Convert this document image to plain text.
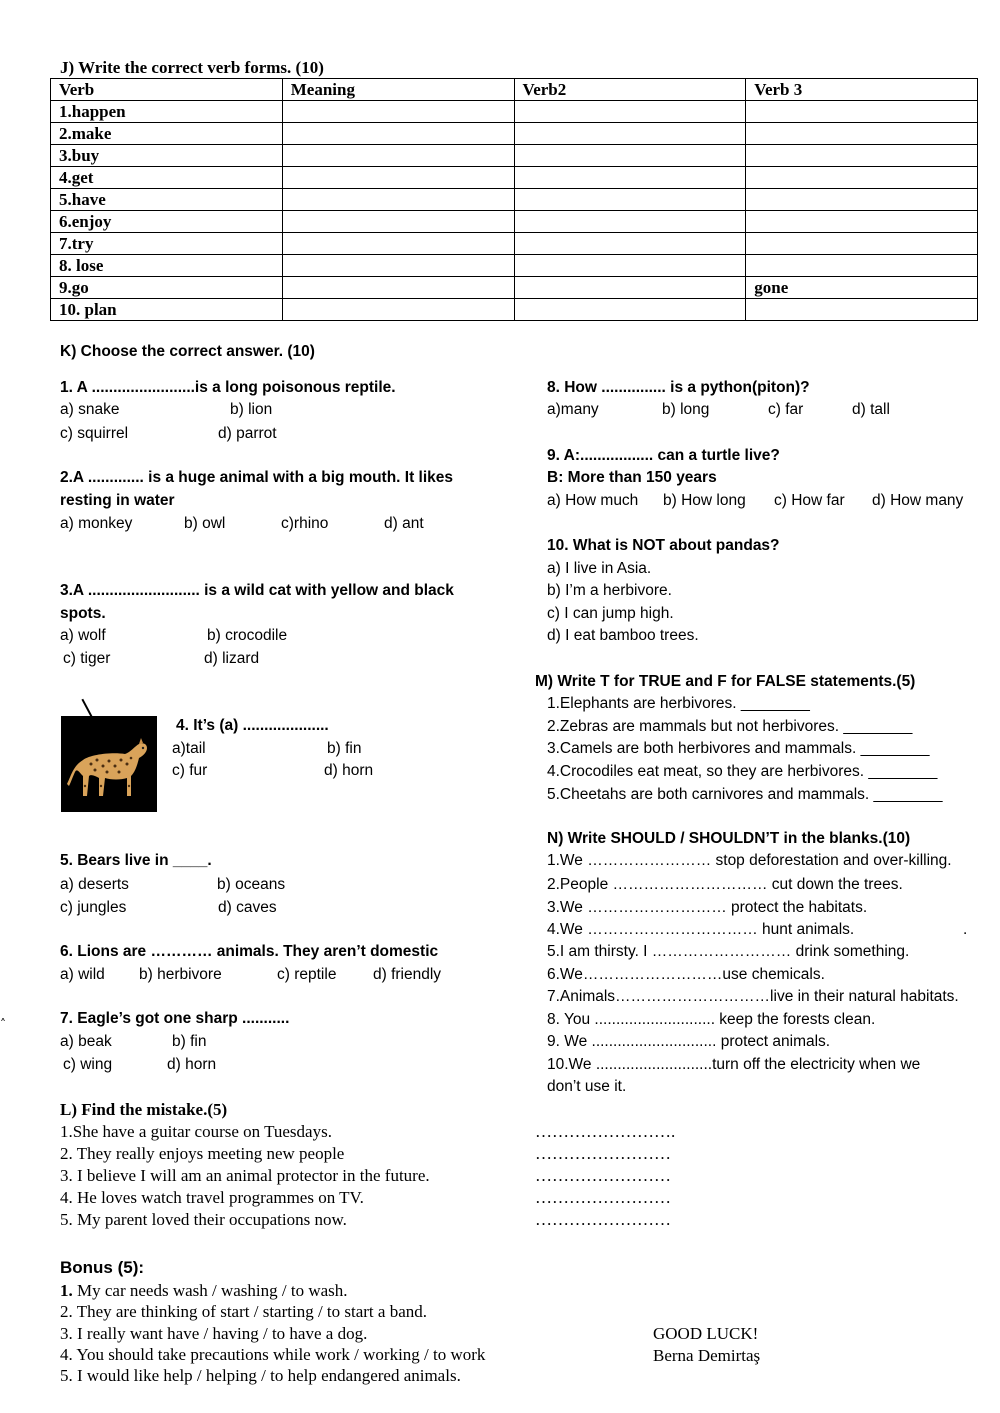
J) Write the correct verb forms. (10)
Verb	Meaning	Verb2	Verb 3
1.happen			
2.make			
3.buy			
4.get			
5.have			
6.enjoy			
7.try			
8. lose			
9.go			gone
10. plan			
K) Choose the correct answer. (10)
1. A ........................is a long poisonous reptile.
a) snake	b) lion
c) squirrel	d) parrot
2.A ............. is a huge animal with a big mouth. It likes
resting in water
a) monkey	b) owl	c)rhino	d) ant
3.A .......................... is a wild cat with yellow and black
spots.
a) wolf	b) crocodile
c) tiger	d) lizard
4. It’s (a) ....................
a)tail	b) fin
c) fur	d) horn
5. Bears live in ____.
a) deserts	b) oceans
c) jungles	d) caves
6. Lions are ………… animals. They aren’t domestic
a) wild b) herbivore	c) reptile d) friendly
˄	7. Eagle’s got one sharp ...........
a) beak	b) fin
c) wing	d) horn
8. How ............... is a python(piton)?
a)many	b) long	c) far	d) tall
9. A:................. can a turtle live?
B: More than 150 years
a) How much b) How long c) How far d) How many
10. What is NOT about pandas?
a) I live in Asia.
b) I’m a herbivore.
c) I can jump high.
d) I eat bamboo trees.
M) Write T for TRUE and F for FALSE statements.(5)
1.Elephants are herbivores. ________
2.Zebras are mammals but not herbivores. ________
3.Camels are both herbivores and mammals. ________
4.Crocodiles eat meat, so they are herbivores. ________
5.Cheetahs are both carnivores and mammals. ________
N) Write SHOULD / SHOULDN’T in the blanks.(10)
1.We …………………… stop deforestation and over-killing.
2.People ………………………… cut down the trees.
3.We ……………………… protect the habitats.
4.We …………………………… hunt animals.
5.I am thirsty. I ……………………… drink something.
6.We………………………use chemicals.
7.Animals…………………………live in their natural habitats.
8. You ............................ keep the forests clean.
9. We ............................. protect animals.
10.We ...........................turn off the electricity when we
don’t use it.
.
L) Find the mistake.(5)
1.She have a guitar course on Tuesdays.
2. They really enjoys meeting new people
3. I believe I will am an animal protector in the future.
4. He loves watch travel programmes on TV.
5. My parent loved their occupations now.
…………………….
……………………
……………………
……………………
……………………
Bonus (5):
1. My car needs wash / washing / to wash.
2. They are thinking of start / starting / to start a band.
3. I really want have / having / to have a dog.
4. You should take precautions while work / working / to work
5. I would like help / helping / to help endangered animals.
GOOD LUCK!
Berna Demirtaş
